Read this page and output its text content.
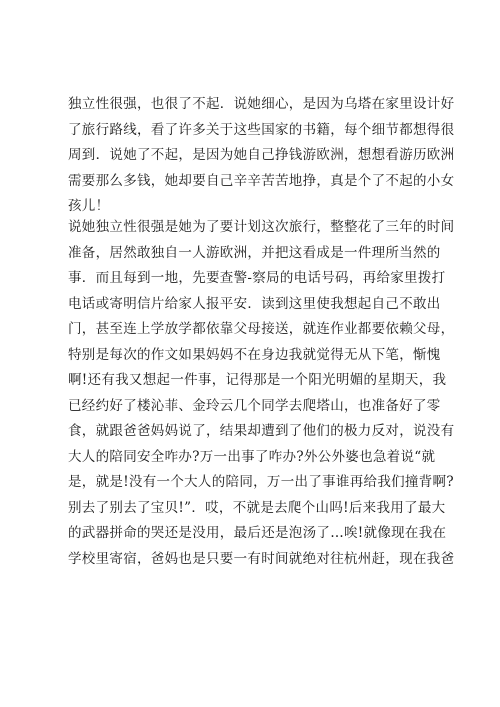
独立性很强，也很了不起．说她细心，是因为乌塔在家里设计好
了旅行路线，看了许多关于这些国家的书籍，每个细节都想得很
周到．说她了不起，是因为她自己挣钱游欧洲，想想看游历欧洲
需要那么多钱，她却要自己辛辛苦苦地挣，真是个了不起的小女
孩儿！
说她独立性很强是她为了要计划这次旅行，整整花了三年的时间
准备，居然敢独自一人游欧洲，并把这看成是一件理所当然的
事．而且每到一地，先要查警-察局的电话号码，再给家里拨打
电话或寄明信片给家人报平安．读到这里使我想起自己不敢出
门，甚至连上学放学都依靠父母接送，就连作业都要依赖父母，
特别是每次的作文如果妈妈不在身边我就觉得无从下笔，惭愧
啊!还有我又想起一件事，记得那是一个阳光明媚的星期天，我
已经约好了楼沁菲、金玲云几个同学去爬塔山，也准备好了零
食，就跟爸爸妈妈说了，结果却遭到了他们的极力反对，说没有
大人的陪同安全咋办?万一出事了咋办?外公外婆也急着说“就
是，就是!没有一个大人的陪同，万一出了事谁再给我们撞背啊?
别去了别去了宝贝!”．哎，不就是去爬个山吗!后来我用了最大
的武器拼命的哭还是没用，最后还是泡汤了…唉!就像现在我在
学校里寄宿，爸妈也是只要一有时间就绝对往杭州赶，现在我爸
